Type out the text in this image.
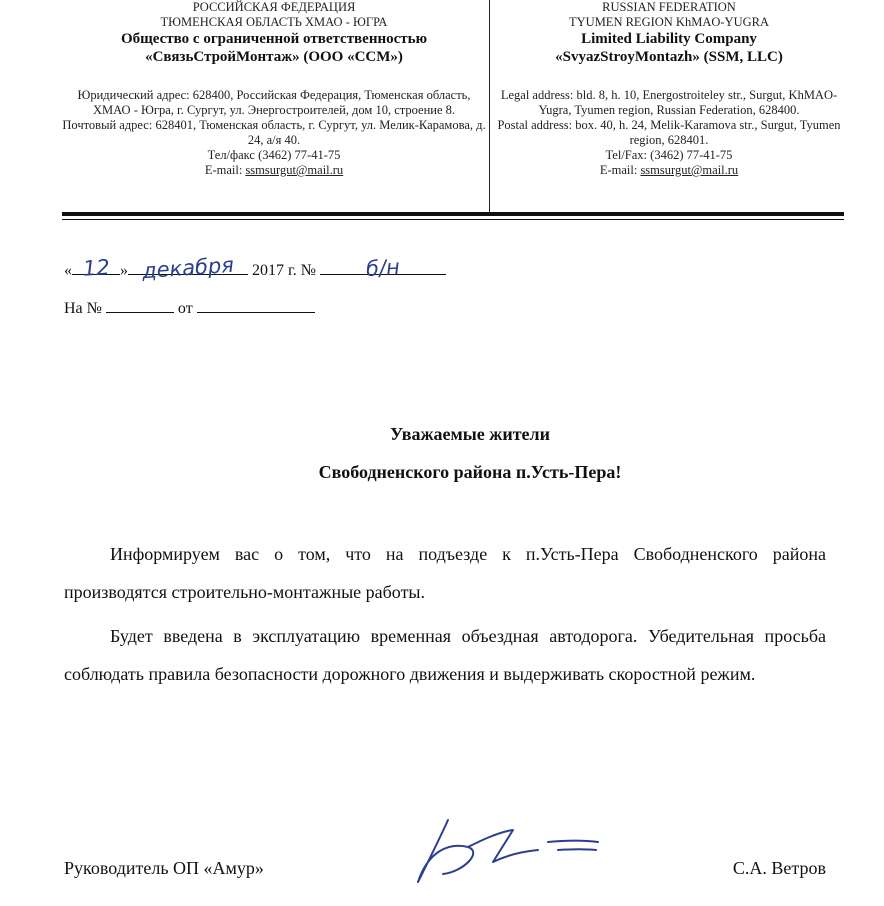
РОССИЙСКАЯ ФЕДЕРАЦИЯ
ТЮМЕНСКАЯ ОБЛАСТЬ ХМАО - ЮГРА
Общество с ограниченной ответственностью
«СвязьСтройМонтаж» (ООО «ССМ»)
Юридический адрес: 628400, Российская Федерация, Тюменская область, ХМАО - Югра, г. Сургут, ул. Энергостроителей, дом 10, строение 8.
Почтовый адрес: 628401, Тюменская область, г. Сургут, ул. Мелик-Карамова, д. 24, а/я 40.
Тел/факс (3462) 77-41-75
E-mail: ssmsurgut@mail.ru
RUSSIAN FEDERATION
TYUMEN REGION KhMAO-YUGRA
Limited Liability Company
«SvyazStroyMontazh» (SSM, LLC)
Legal address: bld. 8, h. 10, Energostroiteley str., Surgut, KhMAO-Yugra, Tyumen region, Russian Federation, 628400.
Postal address: box. 40, h. 24, Melik-Karamova str., Surgut, Tyumen region, 628401.
Tel/Fax: (3462) 77-41-75
E-mail: ssmsurgut@mail.ru
« 12 » декабря 2017 г. № б/н
На №	от
Уважаемые жители
Свободненского района п.Усть-Пера!

Информируем вас о том, что на подъезде к п.Усть-Пера Свободненского района производятся строительно-монтажные работы.

Будет введена в эксплуатацию временная объездная автодорога. Убедительная просьба соблюдать правила безопасности дорожного движения и выдерживать скоростной режим.

Руководитель ОП «Амур»	С.А. Ветров
